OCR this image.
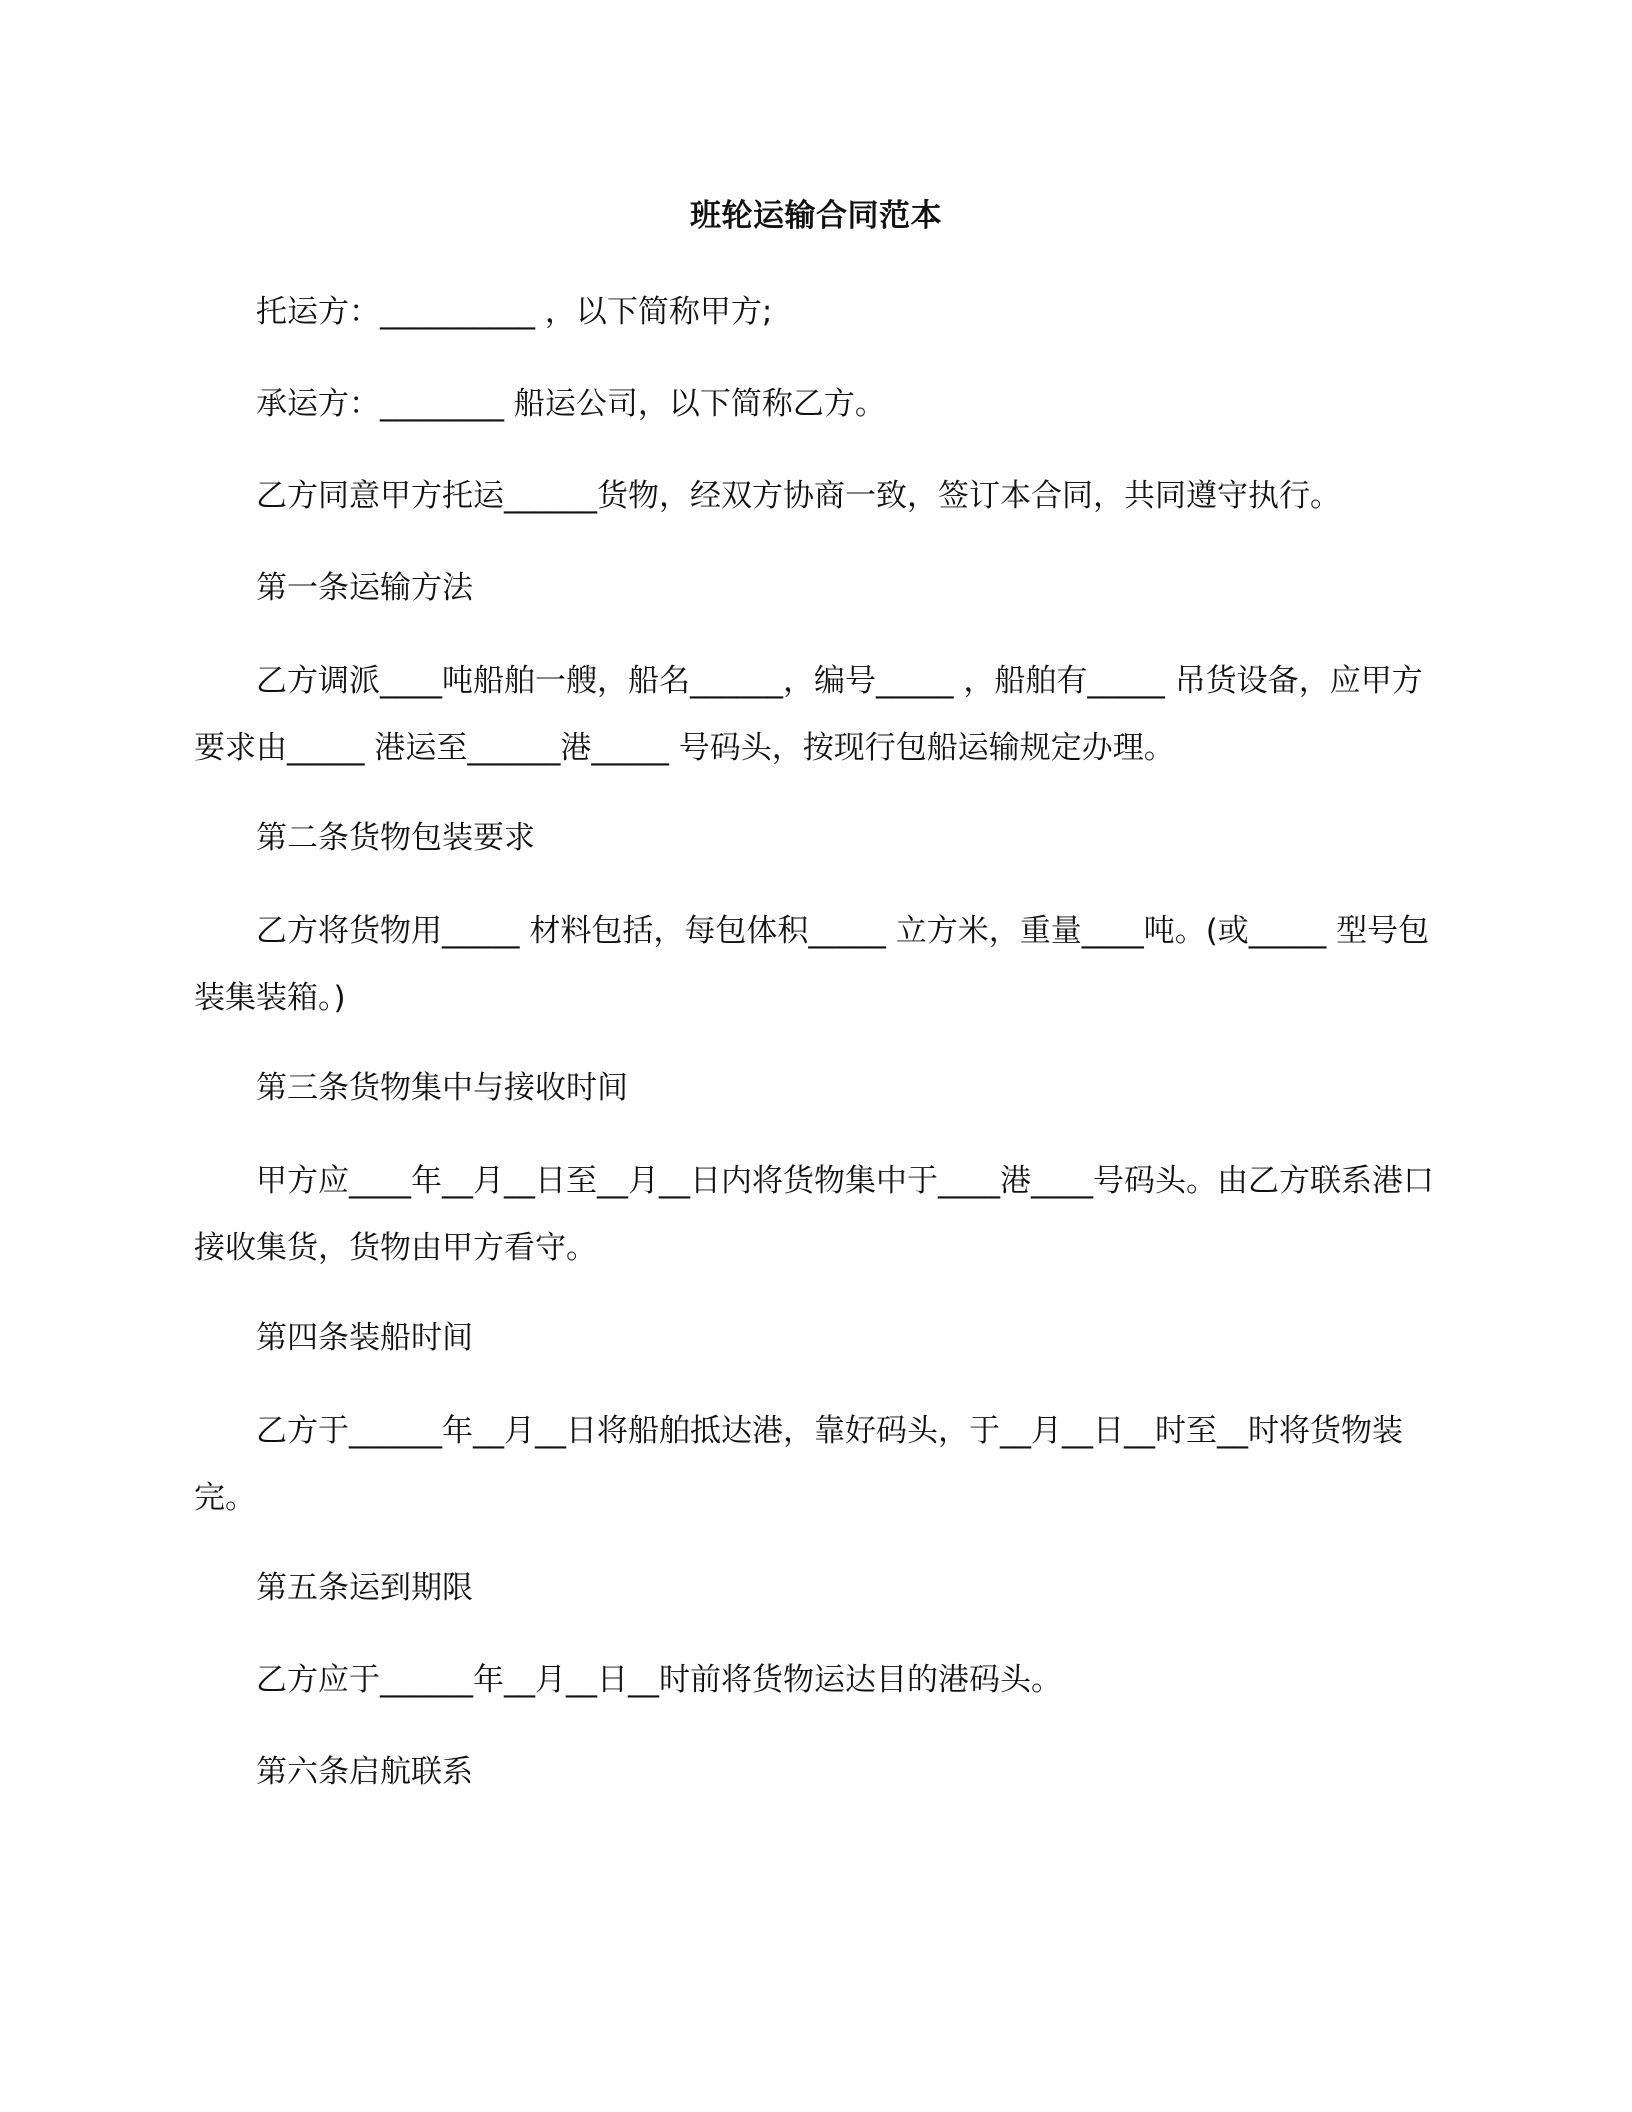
班轮运输合同范本
托运方：__________ ，以下简称甲方;
承运方：________ 船运公司，以下简称乙方。
乙方同意甲方托运______货物，经双方协商一致，签订本合同，共同遵守执行。
第一条运输方法
乙方调派____吨船舶一艘，船名______，编号_____ ，船舶有_____ 吊货设备，应甲方要求由_____ 港运至______港_____ 号码头，按现行包船运输规定办理。
第二条货物包装要求
乙方将货物用_____ 材料包括，每包体积_____ 立方米，重量____吨。(或_____ 型号包装集装箱。)
第三条货物集中与接收时间
甲方应____年__月__日至__月__日内将货物集中于____港____号码头。由乙方联系港口接收集货，货物由甲方看守。
第四条装船时间
乙方于______年__月__日将船舶抵达港，靠好码头，于__月__日__时至__时将货物装完。
第五条运到期限
乙方应于______年__月__日__时前将货物运达目的港码头。
第六条启航联系
